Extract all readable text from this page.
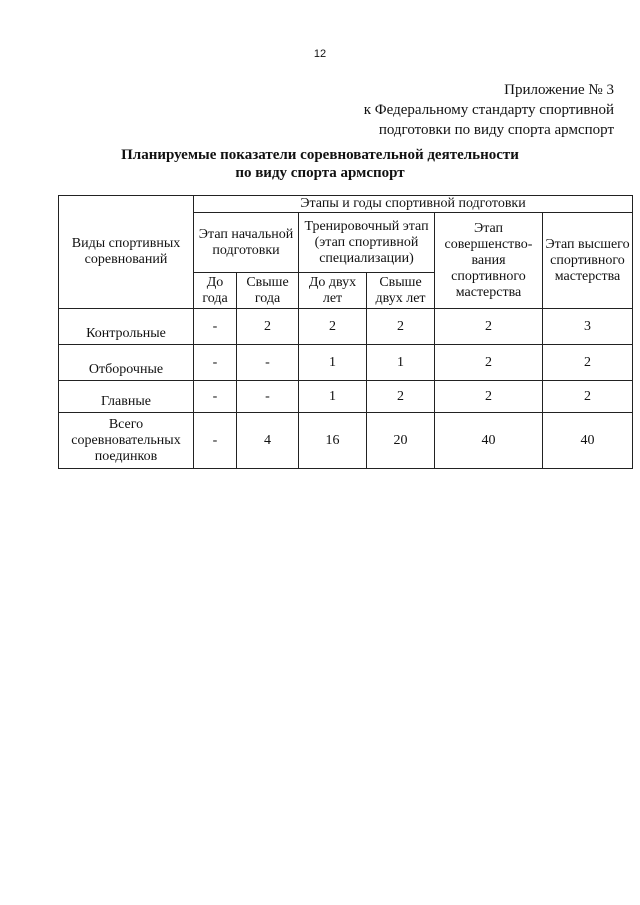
12
Приложение № 3
к Федеральному стандарту спортивной
подготовки по виду спорта армспорт
Планируемые показатели соревновательной деятельности
по виду спорта армспорт
Виды спортивных соревнований	Этапы и годы спортивной подготовки					
	Этап начальной подготовки		Тренировочный этап (этап спортивной специализации)		Этап совершенство-вания спортивного мастерства	Этап высшего спортивного мастерства
	До года	Свыше года	До двух лет	Свыше двух лет		
Контрольные	-	2	2	2	2	3
Отборочные	-	-	1	1	2	2
Главные	-	-	1	2	2	2
Всего соревновательных поединков	-	4	16	20	40	40
